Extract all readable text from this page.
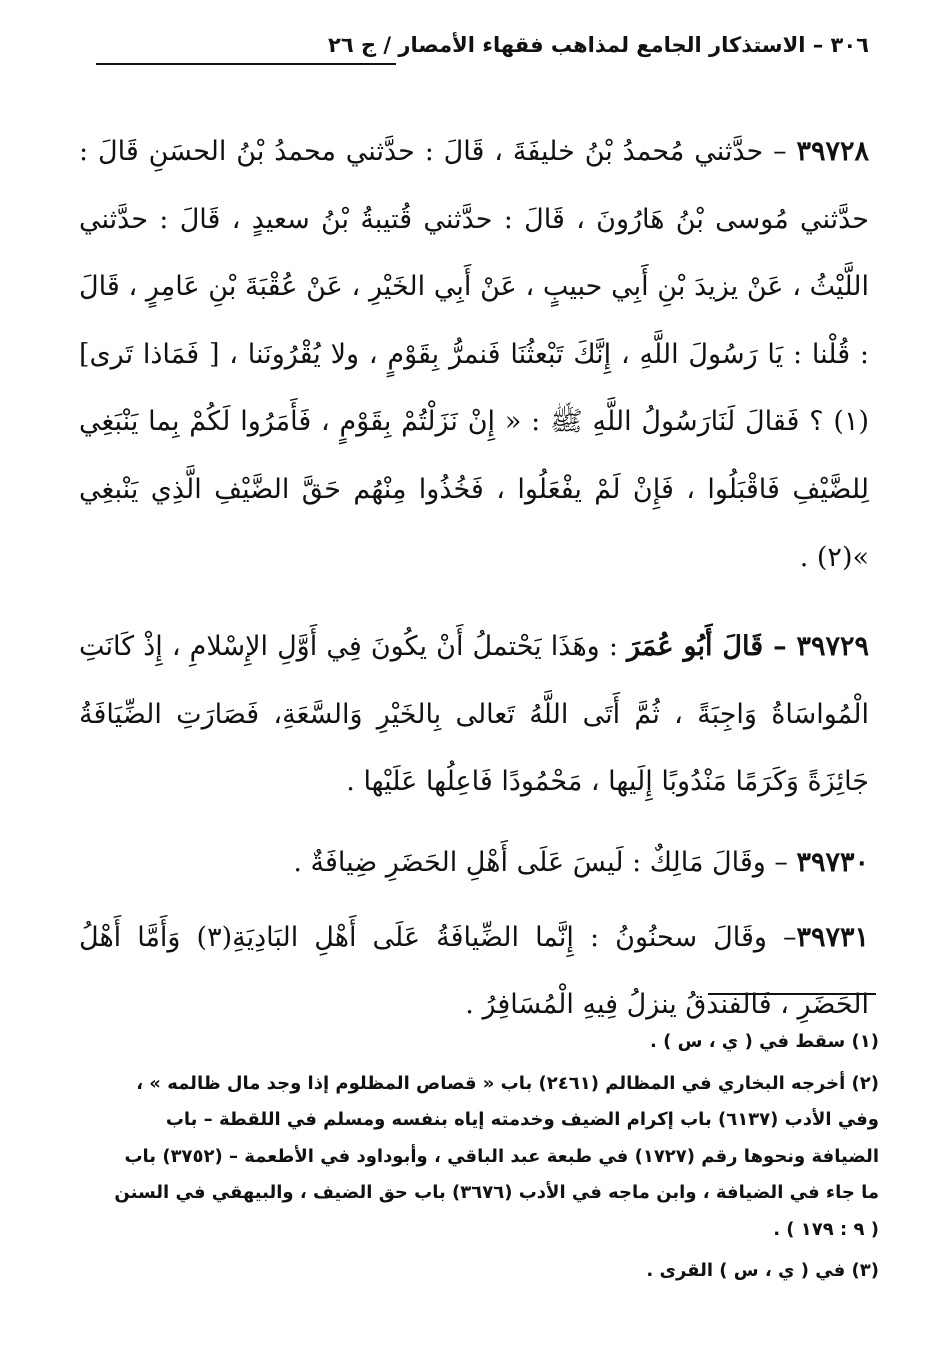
٣٠٦ – الاستذكار الجامع لمذاهب فقهاء الأمصار / ج ٢٦

٣٩٧٢٨ – حدَّثني مُحمدُ بْنُ خليفَةَ ، قَالَ : حدَّثني محمدُ بْنُ الحسَنِ قَالَ : حدَّثني مُوسى بْنُ هَارُونَ ، قَالَ : حدَّثني قُتيبةُ بْنُ سعيدٍ ، قَالَ : حدَّثني اللَّيْثُ ، عَنْ يزيدَ بْنِ أَبِي حبيبٍ ، عَنْ أَبِي الخَيْرِ ، عَنْ عُقْبَةَ بْنِ عَامِرٍ ، قَالَ : قُلْنا : يَا رَسُولَ اللَّهِ ، إِنَّكَ تَبْعثُنَا فَنمرُّ بِقَوْمٍ ، ولا يُقْرُونَنا ، [ فَمَاذا تَرى](١) ؟ فَقالَ لَنَارَسُولُ اللَّهِ ﷺ : « إِنْ نَزَلْتُمْ بِقَوْمٍ ، فَأَمَرُوا لَكُمْ بِما يَنْبَغِي لِلضَّيْفِ فَاقْبَلُوا ، فَإِنْ لَمْ يفْعَلُوا ، فَخُذُوا مِنْهُم حَقَّ الضَّيْفِ الَّذِي يَنْبغِي »(٢) .

٣٩٧٢٩ – قَالَ أَبُو عُمَرَ : وهَذَا يَحْتملُ أَنْ يكُونَ فِي أَوَّلِ الإِسْلامِ ، إِذْ كَانَتِ الْمُواسَاةُ وَاجِبَةً ، ثُمَّ أَتَى اللَّهُ تَعالى بِالخَيْرِ وَالسَّعَةِ، فَصَارَتِ الضِّيَافَةُ جَائِزَةً وَكَرَمًا مَنْدُوبًا إِلَيها ، مَحْمُودًا فَاعِلُها عَلَيْها .

٣٩٧٣٠ – وقَالَ مَالِكٌ : لَيسَ عَلَى أَهْلِ الحَضَرِ ضِيافَةٌ .

٣٩٧٣١– وقَالَ سحنُونُ : إِنَّما الضِّيافَةُ عَلَى أَهْلِ البَادِيَةِ(٣) وَأَمَّا أَهْلُ الحَضَرِ ، فَالفندقُ ينزلُ فِيهِ الْمُسَافِرُ .

(١) سقط في ( ي ، س ) .

(٢) أخرجه البخاري في المظالم (٢٤٦١) باب « قصاص المظلوم إذا وجد مال ظالمه » ، وفي الأدب (٦١٣٧) باب إكرام الضيف وخدمته إياه بنفسه ومسلم في اللقطة – باب الضيافة ونحوها رقم (١٧٢٧) في طبعة عبد الباقي ، وأبوداود في الأطعمة – (٣٧٥٢) باب ما جاء في الضيافة ، وابن ماجه في الأدب (٣٦٧٦) باب حق الضيف ، والبيهقي في السنن ( ٩ : ١٧٩ ) .

(٣) في ( ي ، س ) القرى .
